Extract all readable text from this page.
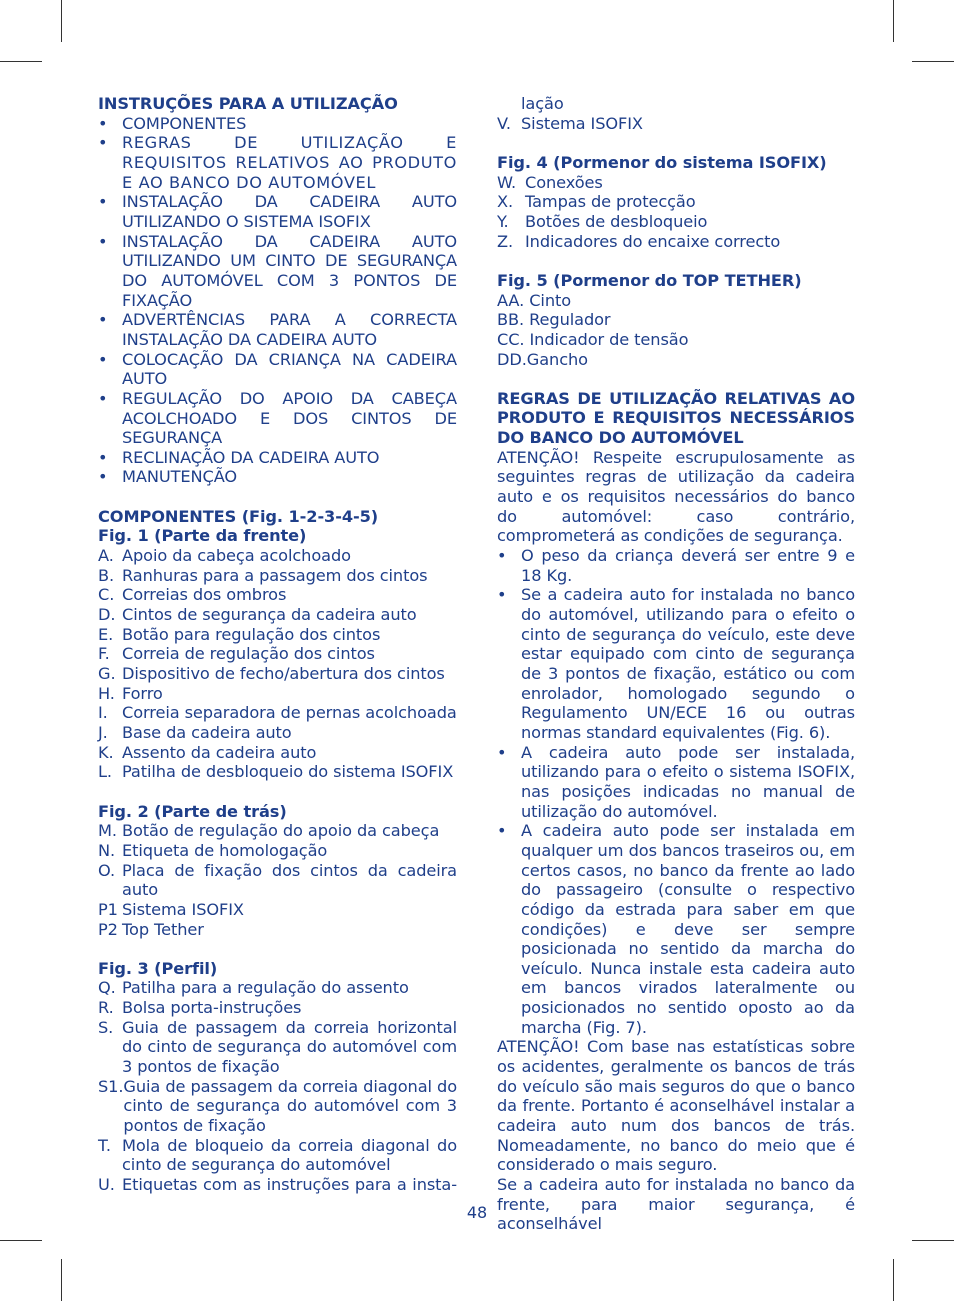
INSTRUÇÕES PARA A UTILIZAÇÃO
• COMPONENTES
• REGRAS DE UTILIZAÇÃO E REQUISITOS RELATIVOS AO PRODUTO E AO BANCO DO AUTOMÓVEL
• INSTALAÇÃO DA CADEIRA AUTO UTILIZANDO O SISTEMA ISOFIX
• INSTALAÇÃO DA CADEIRA AUTO UTILIZANDO UM CINTO DE SEGURANÇA DO AUTOMÓVEL COM 3 PONTOS DE FIXAÇÃO
• ADVERTÊNCIAS PARA A CORRECTA INSTALAÇÃO DA CADEIRA AUTO
• COLOCAÇÃO DA CRIANÇA NA CADEIRA AUTO
• REGULAÇÃO DO APOIO DA CABEÇA ACOLCHOADO E DOS CINTOS DE SEGURANÇA
• RECLINAÇÃO DA CADEIRA AUTO
• MANUTENÇÃO
COMPONENTES (Fig. 1-2-3-4-5)
Fig. 1 (Parte da frente)
A. Apoio da cabeça acolchoado
B. Ranhuras para a passagem dos cintos
C. Correias dos ombros
D. Cintos de segurança da cadeira auto
E. Botão para regulação dos cintos
F. Correia de regulação dos cintos
G. Dispositivo de fecho/abertura dos cintos
H. Forro
I. Correia separadora de pernas acolchoada
J. Base da cadeira auto
K. Assento da cadeira auto
L. Patilha de desbloqueio do sistema ISOFIX
Fig. 2 (Parte de trás)
M. Botão de regulação do apoio da cabeça
N. Etiqueta de homologação
O. Placa de fixação dos cintos da cadeira auto
P1 Sistema ISOFIX
P2 Top Tether
Fig. 3 (Perfil)
Q. Patilha para a regulação do assento
R. Bolsa porta-instruções
S. Guia de passagem da correia horizontal do cinto de segurança do automóvel com 3 pontos de fixação
S1. Guia de passagem da correia diagonal do cinto de segurança do automóvel com 3 pontos de fixação
T. Mola de bloqueio da correia diagonal do cinto de segurança do automóvel
U. Etiquetas com as instruções para a insta-
lação
V. Sistema ISOFIX
Fig. 4 (Pormenor do sistema ISOFIX)
W. Conexões
X. Tampas de protecção
Y.	Botões de desbloqueio
Z. Indicadores do encaixe correcto
Fig. 5 (Pormenor do TOP TETHER)
AA. Cinto
BB. Regulador
CC. Indicador de tensão
DD.Gancho
REGRAS DE UTILIZAÇÃO RELATIVAS AO PRODUTO E REQUISITOS NECESSÁRIOS DO BANCO DO AUTOMÓVEL
ATENÇÃO! Respeite escrupulosamente as seguintes regras de utilização da cadeira auto e os requisitos necessários do banco do automóvel: caso contrário, comprometerá as condições de segurança.
• O peso da criança deverá ser entre 9 e 18 Kg.
• Se a cadeira auto for instalada no banco do automóvel, utilizando para o efeito o cinto de segurança do veículo, este deve estar equipado com cinto de segurança de 3 pontos de fixação, estático ou com enrolador, homologado segundo o Regulamento UN/ECE 16 ou outras normas standard equivalentes (Fig. 6).
• A cadeira auto pode ser instalada, utilizando para o efeito o sistema ISOFIX, nas posições indicadas no manual de utilização do automóvel.
• A cadeira auto pode ser instalada em qualquer um dos bancos traseiros ou, em certos casos, no banco da frente ao lado do passageiro (consulte o respectivo código da estrada para saber em que condições) e deve ser sempre posicionada no sentido da marcha do veículo. Nunca instale esta cadeira auto em bancos virados lateralmente ou posicionados no sentido oposto ao da marcha (Fig. 7).
ATENÇÃO! Com base nas estatísticas sobre os acidentes, geralmente os bancos de trás do veículo são mais seguros do que o banco da frente. Portanto é aconselhável instalar a cadeira auto num dos bancos de trás. Nomeadamente, no banco do meio que é considerado o mais seguro.
Se a cadeira auto for instalada no banco da frente, para maior segurança, é aconselhável
48
